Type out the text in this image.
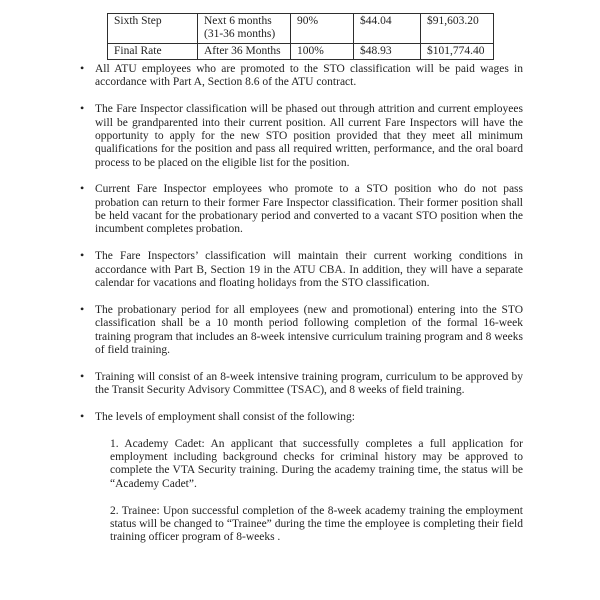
Sixth Step	Next 6 months (31-36 months)	90%	$44.04	$91,603.20
Final Rate	After 36 Months	100%	$48.93	$101,774.40
• All ATU employees who are promoted to the STO classification will be paid wages in accordance with Part A, Section 8.6 of the ATU contract.
• The Fare Inspector classification will be phased out through attrition and current employees will be grandparented into their current position. All current Fare Inspectors will have the opportunity to apply for the new STO position provided that they meet all minimum qualifications for the position and pass all required written, performance, and the oral board process to be placed on the eligible list for the position.
• Current Fare Inspector employees who promote to a STO position who do not pass probation can return to their former Fare Inspector classification. Their former position shall be held vacant for the probationary period and converted to a vacant STO position when the incumbent completes probation.
• The Fare Inspectors’ classification will maintain their current working conditions in accordance with Part B, Section 19 in the ATU CBA. In addition, they will have a separate calendar for vacations and floating holidays from the STO classification.
• The probationary period for all employees (new and promotional) entering into the STO classification shall be a 10 month period following completion of the formal 16-week training program that includes an 8-week intensive curriculum training program and 8 weeks of field training.
• Training will consist of an 8-week intensive training program, curriculum to be approved by the Transit Security Advisory Committee (TSAC), and 8 weeks of field training.
• The levels of employment shall consist of the following:
1. Academy Cadet: An applicant that successfully completes a full application for employment including background checks for criminal history may be approved to complete the VTA Security training. During the academy training time, the status will be “Academy Cadet”.
2. Trainee: Upon successful completion of the 8-week academy training the employment status will be changed to “Trainee” during the time the employee is completing their field training officer program of 8-weeks .
